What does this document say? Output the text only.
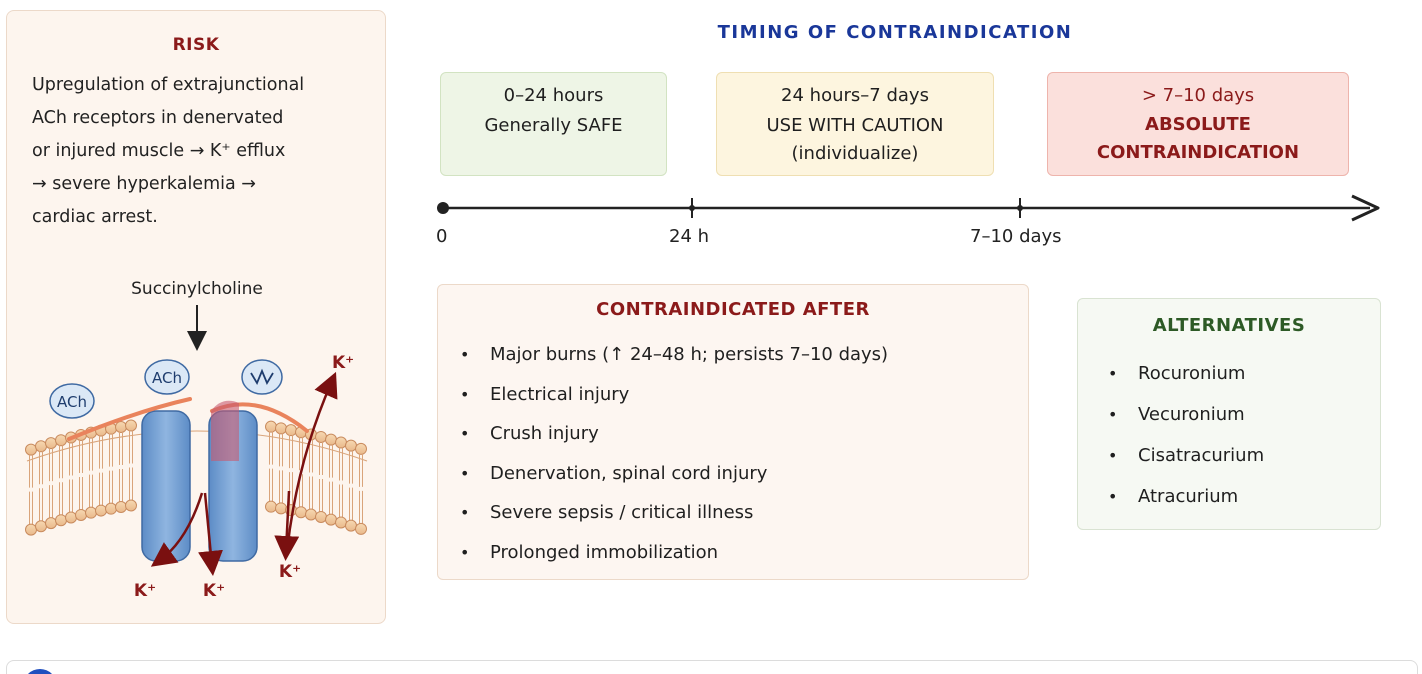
RISK
Upregulation of extrajunctional
ACh receptors in denervated
or injured muscle → K⁺ efflux
→ severe hyperkalemia →
cardiac arrest.
Succinylcholine
ACh
ACh
K⁺
K⁺	K⁺
K⁺
TIMING OF CONTRAINDICATION
0–24 hours
Generally SAFE
24 hours–7 days
USE WITH CAUTION
(individualize)
> 7–10 days
ABSOLUTE CONTRAINDICATION
0	24 h	7–10 days
CONTRAINDICATED AFTER
• Major burns (↑ 24–48 h; persists 7–10 days)
• Electrical injury
• Crush injury
• Denervation, spinal cord injury
• Severe sepsis / critical illness
• Prolonged immobilization
ALTERNATIVES
• Rocuronium
• Vecuronium
• Cisatracurium
• Atracurium
